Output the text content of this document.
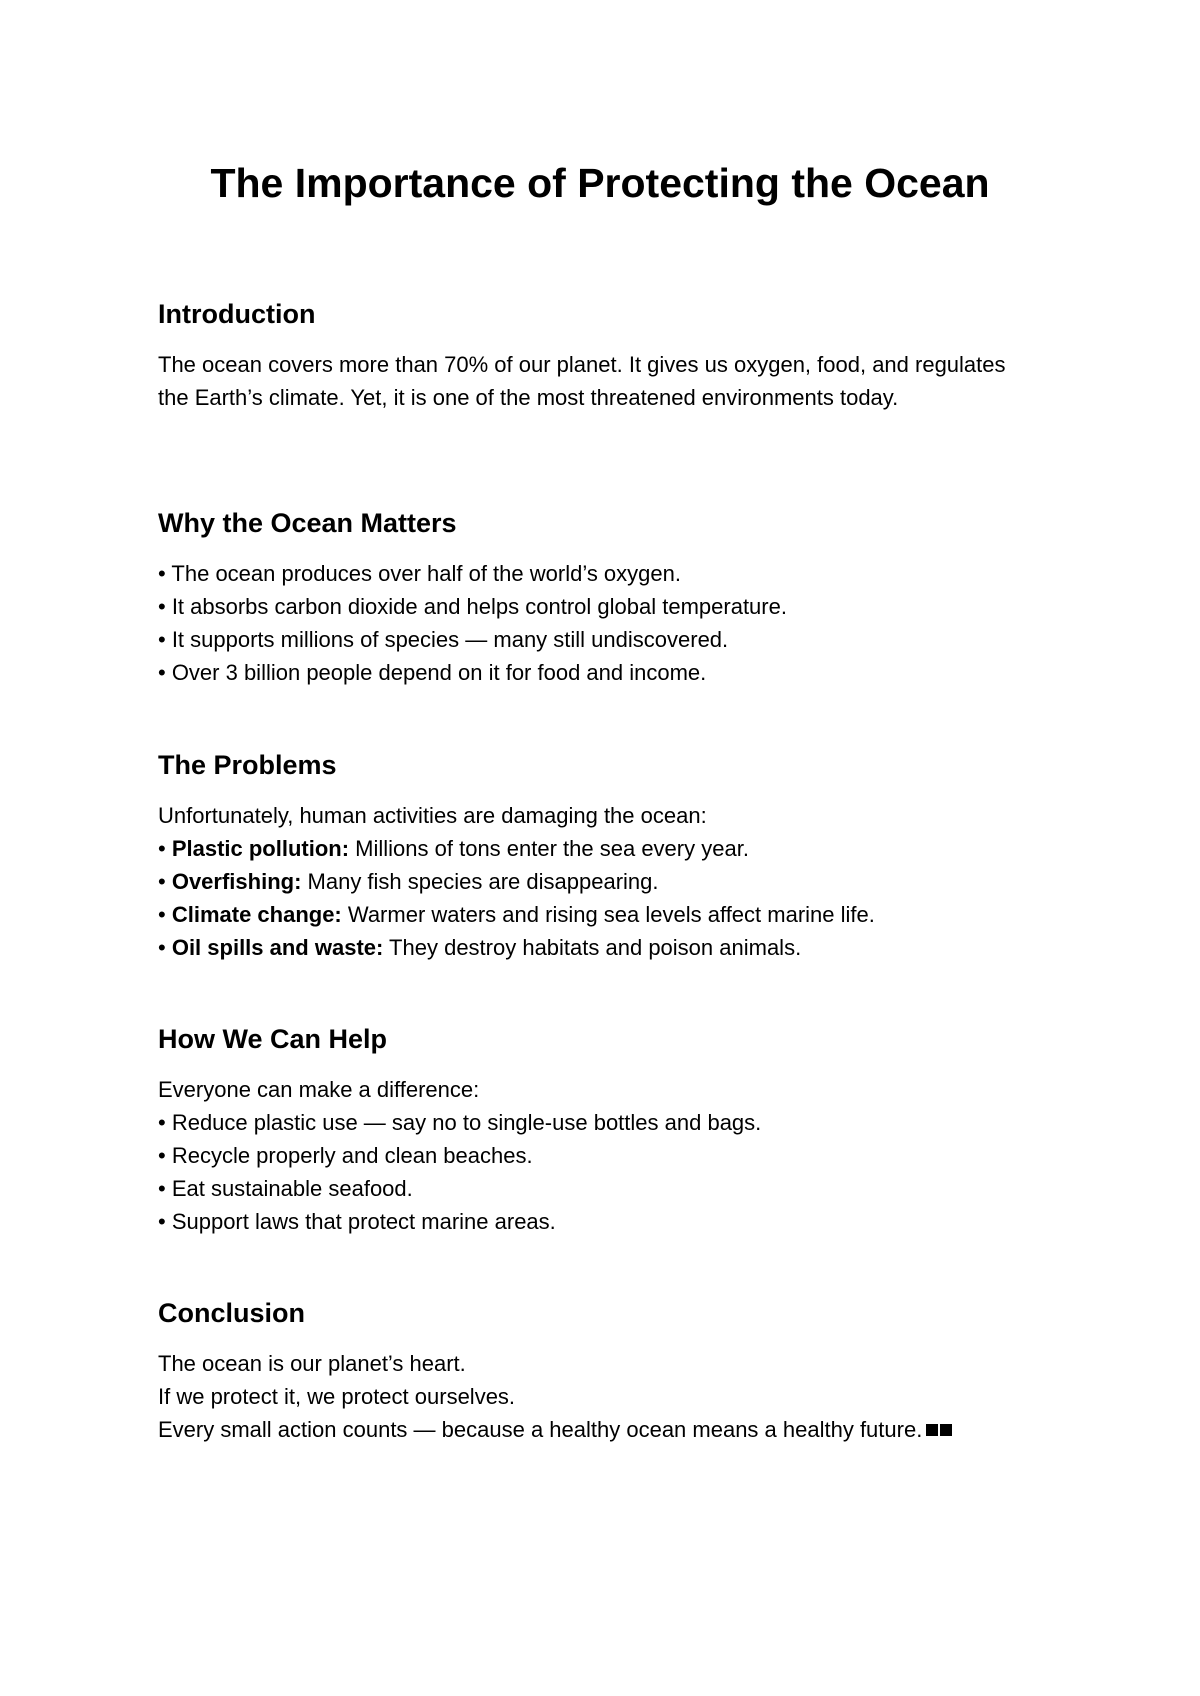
The Importance of Protecting the Ocean
Introduction

The ocean covers more than 70% of our planet. It gives us oxygen, food, and regulates the Earth’s climate. Yet, it is one of the most threatened environments today.

Why the Ocean Matters

• The ocean produces over half of the world’s oxygen.

• It absorbs carbon dioxide and helps control global temperature.

• It supports millions of species — many still undiscovered.

• Over 3 billion people depend on it for food and income.

The Problems

Unfortunately, human activities are damaging the ocean:

• Plastic pollution: Millions of tons enter the sea every year.

• Overfishing: Many fish species are disappearing.

• Climate change: Warmer waters and rising sea levels affect marine life.

• Oil spills and waste: They destroy habitats and poison animals.

How We Can Help

Everyone can make a difference:

• Reduce plastic use — say no to single-use bottles and bags.

• Recycle properly and clean beaches.

• Eat sustainable seafood.

• Support laws that protect marine areas.

Conclusion

The ocean is our planet’s heart.

If we protect it, we protect ourselves.

Every small action counts — because a healthy ocean means a healthy future.
